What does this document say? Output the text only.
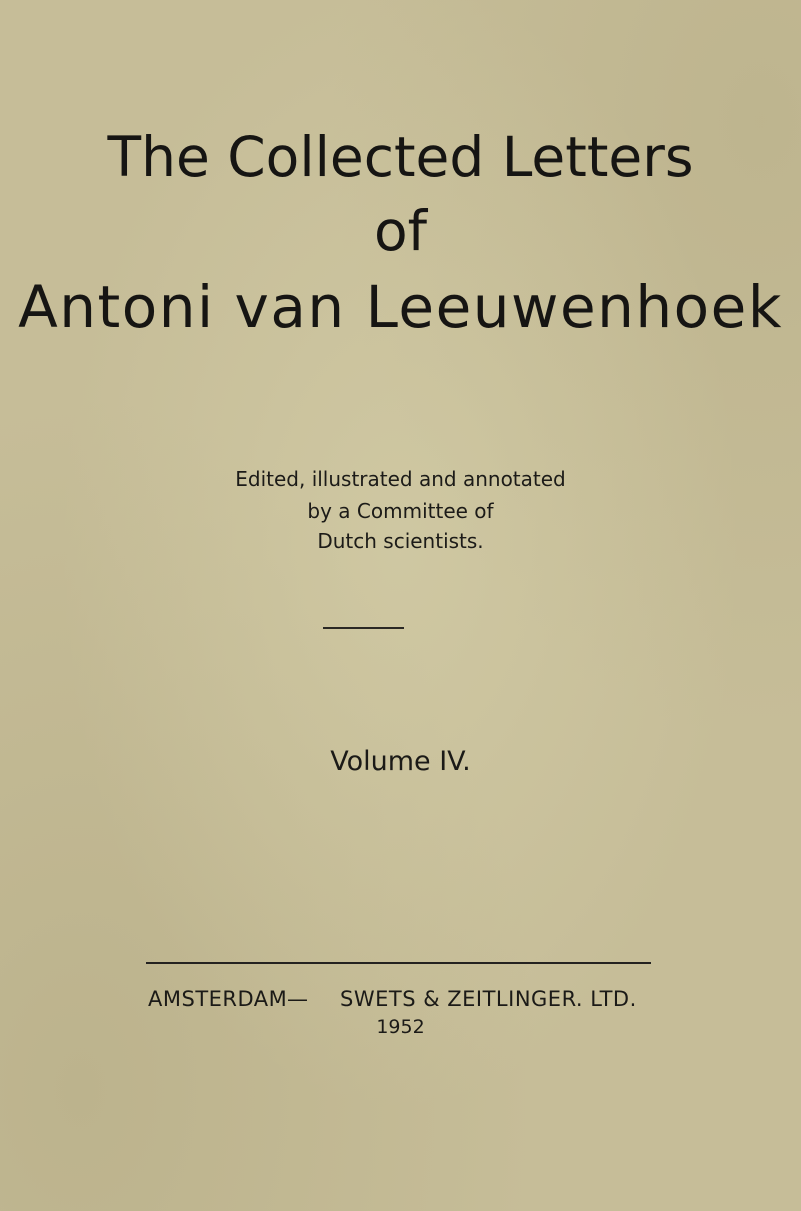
The Collected Letters
of
Antoni van Leeuwenhoek
Edited, illustrated and annotated
by a Committee of
Dutch scientists.
Volume IV.
AMSTERDAM — SWETS & ZEITLINGER. LTD.
1952
